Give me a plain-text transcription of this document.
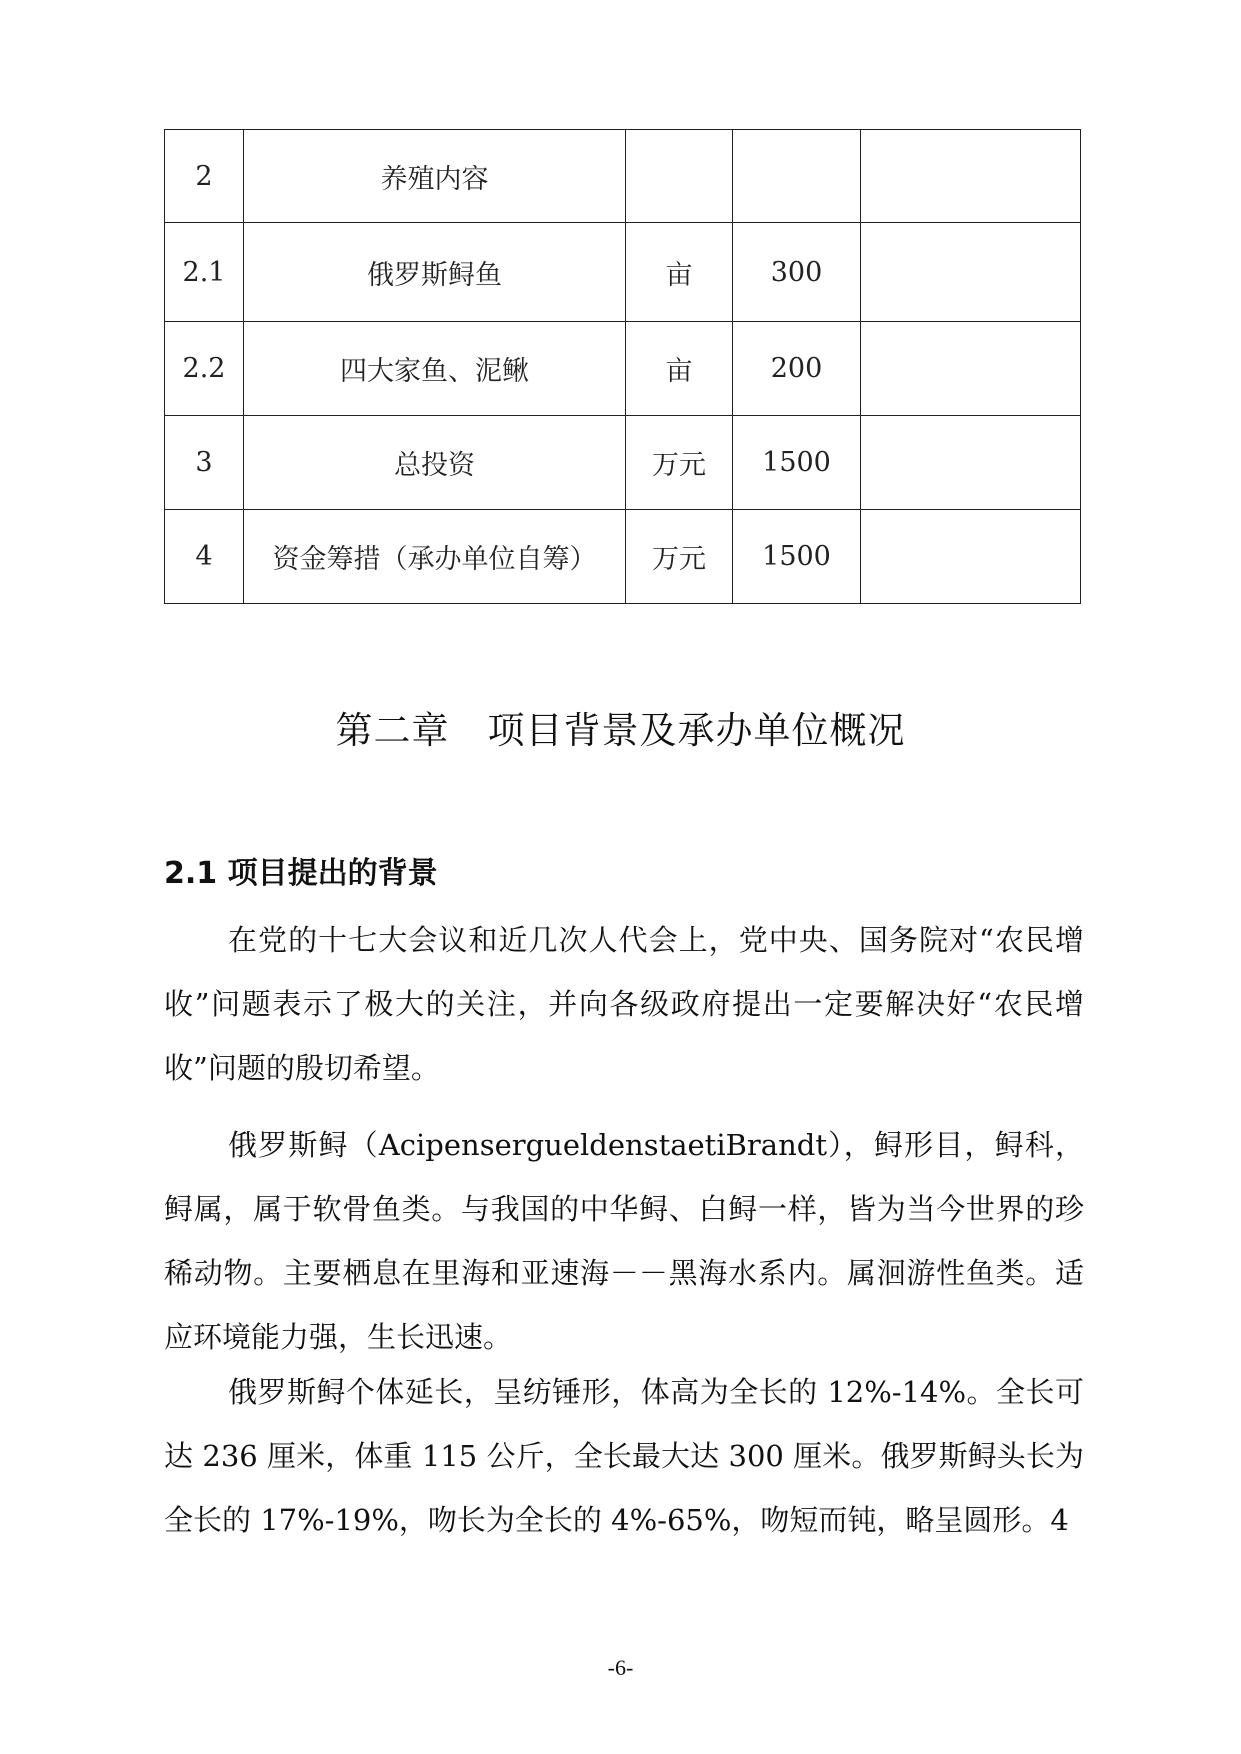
2	养殖内容			
2.1	俄罗斯鲟鱼	亩	300	
2.2	四大家鱼、泥鳅	亩	200	
3	总投资	万元	1500	
4	资金筹措（承办单位自筹）	万元	1500	
第二章　项目背景及承办单位概况
2.1 项目提出的背景

在党的十七大会议和近几次人代会上，党中央、国务院对“农民增收”问题表示了极大的关注，并向各级政府提出一定要解决好“农民增收”问题的殷切希望。

俄罗斯鲟（AcipensergueldenstaetiBrandt），鲟形目，鲟科，鲟属，属于软骨鱼类。与我国的中华鲟、白鲟一样，皆为当今世界的珍稀动物。主要栖息在里海和亚速海－－黑海水系内。属洄游性鱼类。适应环境能力强，生长迅速。

俄罗斯鲟个体延长，呈纺锤形，体高为全长的 12%-14%。全长可达 236 厘米，体重 115 公斤，全长最大达 300 厘米。俄罗斯鲟头长为全长的 17%-19%，吻长为全长的 4%-65%，吻短而钝，略呈圆形。4

-6-
